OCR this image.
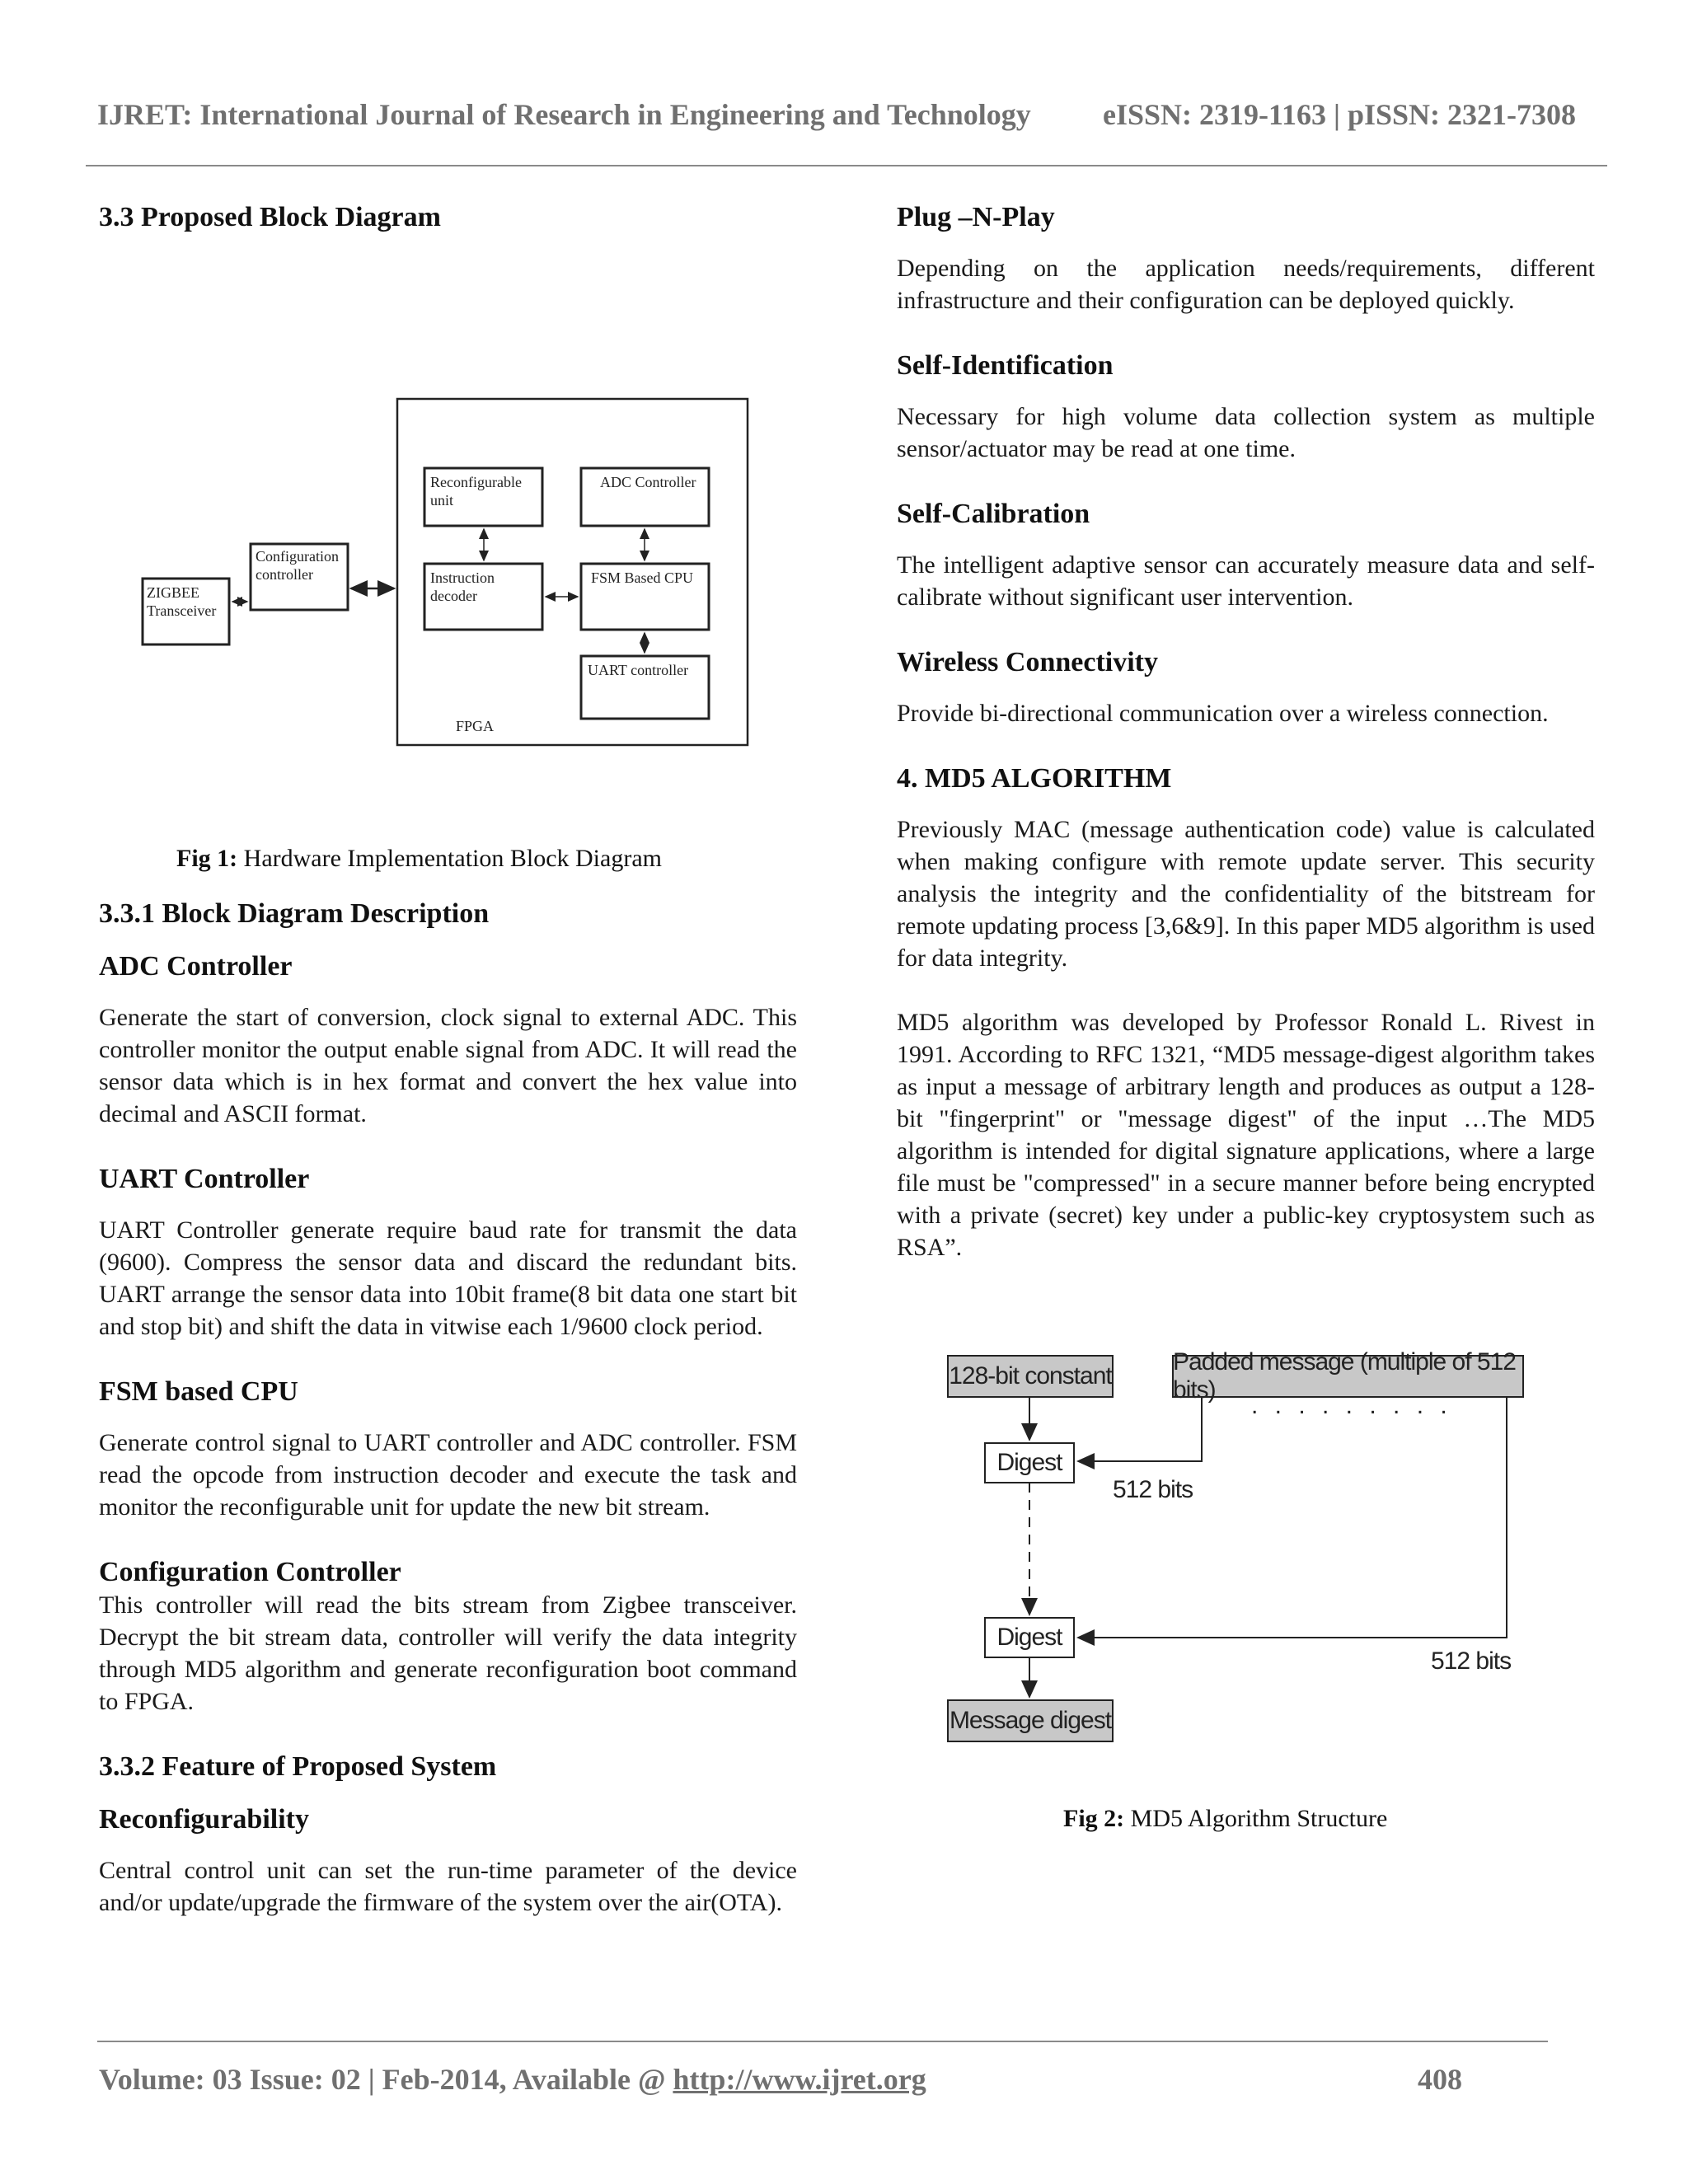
IJRET: International Journal of Research in Engineering and Technology eISSN: 2319-1163 | pISSN: 2321-7308
3.3 Proposed Block Diagram
ZIGBEE Transceiver
Configuration controller
Reconfigurable unit
ADC Controller
Instruction decoder
FSM Based CPU
UART controller
FPGA
Fig 1: Hardware Implementation Block Diagram
3.3.1 Block Diagram Description
ADC Controller

Generate the start of conversion, clock signal to external ADC. This controller monitor the output enable signal from ADC. It will read the sensor data which is in hex format and convert the hex value into decimal and ASCII format.

UART Controller

UART Controller generate require baud rate for transmit the data (9600). Compress the sensor data and discard the redundant bits. UART arrange the sensor data into 10bit frame(8 bit data one start bit and stop bit) and shift the data in vitwise each 1/9600 clock period.

FSM based CPU

Generate control signal to UART controller and ADC controller. FSM read the opcode from instruction decoder and execute the task and monitor the reconfigurable unit for update the new bit stream.

Configuration Controller

This controller will read the bits stream from Zigbee transceiver. Decrypt the bit stream data, controller will verify the data integrity through MD5 algorithm and generate reconfiguration boot command to FPGA.

3.3.2 Feature of Proposed System
Reconfigurability

Central control unit can set the run-time parameter of the device and/or update/upgrade the firmware of the system over the air(OTA).

Plug –N-Play

Depending on the application needs/requirements, different infrastructure and their configuration can be deployed quickly.

Self-Identification

Necessary for high volume data collection system as multiple sensor/actuator may be read at one time.

Self-Calibration

The intelligent adaptive sensor can accurately measure data and self- calibrate without significant user intervention.

Wireless Connectivity

Provide bi-directional communication over a wireless connection.

4. MD5 ALGORITHM

Previously MAC (message authentication code) value is calculated when making configure with remote update server. This security analysis the integrity and the confidentiality of the bitstream for remote updating process [3,6&9]. In this paper MD5 algorithm is used for data integrity.

MD5 algorithm was developed by Professor Ronald L. Rivest in 1991. According to RFC 1321, “MD5 message-digest algorithm takes as input a message of arbitrary length and produces as output a 128-bit "fingerprint" or "message digest" of the input …The MD5 algorithm is intended for digital signature applications, where a large file must be "compressed" in a secure manner before being encrypted with a private (secret) key under a public-key cryptosystem such as RSA”.

128-bit constant
Padded message (multiple of 512 bits)
. . . . . . . . .
Digest
512 bits
Digest
512 bits
Message digest
Fig 2: MD5 Algorithm Structure
Volume: 03 Issue: 02 | Feb-2014, Available @ http://www.ijret.org	408
